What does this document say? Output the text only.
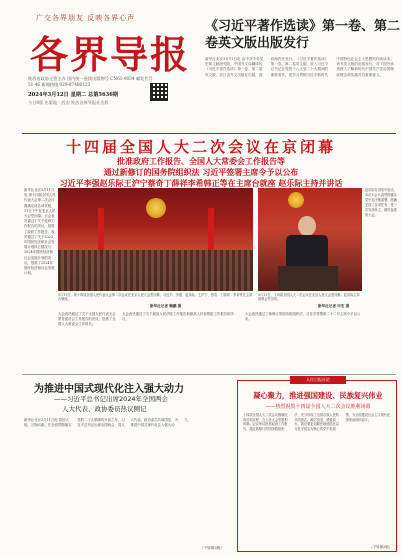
广交各界朋友 反映各界心声
各界导报
陕西省政协主管主办 国内统一连续出版物号 CN61-0034 邮发代号 51-46 新闻热线 029-87400123
2024年3月12日 星期二 总第5636期
今日8版 出版地：西安 陕西各界导报社出版
《习近平著作选读》第一卷、第二卷英文版出版发行
新华社北京3月11日电 由中共中央党史和文献研究院、中国外文局翻译的《习近平著作选读》第一卷、第二卷英文版，近日由外文出版社出版，面向海内外发行。《习近平著作选读》第一卷、第二卷英文版，收入习近平总书记在党的十八大至二十大期间的重要著作，是学习贯彻习近平新时代中国特色社会主义思想的权威读本。该书英文版的出版发行，对于国外读者深入了解新时代中国共产党治国理政理念和实践具有重要意义。
十四届全国人大二次会议在京闭幕
批准政府工作报告、全国人大常委会工作报告等
通过新修订的国务院组织法 习近平签署主席令予以公布
习近平李强赵乐际王沪宁蔡奇丁薛祥李希韩正等在主席台就座 赵乐际主持并讲话
新华社北京3月11日电 第十四届全国人民代表大会第二次会议圆满完成各项议程，11日下午在北京人民大会堂闭幕。大会表决通过了关于政府工作报告的决议，批准了政府工作报告。表决通过了关于2023年国民经济和社会发展计划执行情况与2024年国民经济和社会发展计划的决议，批准了2024年国民经济和社会发展计划。
3月11日，第十四届全国人民代表大会第二次会议在北京人民大会堂闭幕。习近平、李强、赵乐际、王沪宁、蔡奇、丁薛祥、李希等在主席台就座。
新华社记者 鞠鹏 摄
3月11日，十四届全国人大二次会议在北京人民大会堂闭幕。赵乐际主持闭幕会并讲话。
新华社记者 申宏 摄
赵乐际在讲话中指出，本次大会认真贯彻落实党中央决策部署，圆满完成了各项任务，是一次发扬民主、团结奋进的大会。
大会表决通过了关于全国人民代表大会常务委员会工作报告的决议，批准了全国人大常委会工作报告。
大会表决通过了关于最高人民法院工作报告和最高人民检察院工作报告的决议。
大会表决通过了新修订的国务院组织法，习近平签署第二十二号主席令予以公布。
为推进中国式现代化注入强大动力
——习近平总书记出席2024年全国两会
人大代表、政协委员热议侧记
新华社北京3月11日电 春回大地，万物向新。在全面贯彻落实党的二十大精神的开局之年，习近平总书记出席全国两会，同人大代表、政协委员共商国是，为推进中国式现代化注入强大动力。
（下转第2版）
人民日报社论
凝心聚力，推进强国建设、民族复兴伟业
——热烈祝贺十四届全国人大二次会议胜利闭幕
十四届全国人大二次会议圆满完成各项议程，在人民大会堂胜利闭幕。会议审议批准政府工作报告，通过新修订的国务院组织法，充分体现了全国各族人民的共同意志。踔厉奋发，勇毅前行，我们要更加紧密地团结在以习近平同志为核心的党中央周围，为全面建设社会主义现代化国家而团结奋斗。
（下转第2版）
